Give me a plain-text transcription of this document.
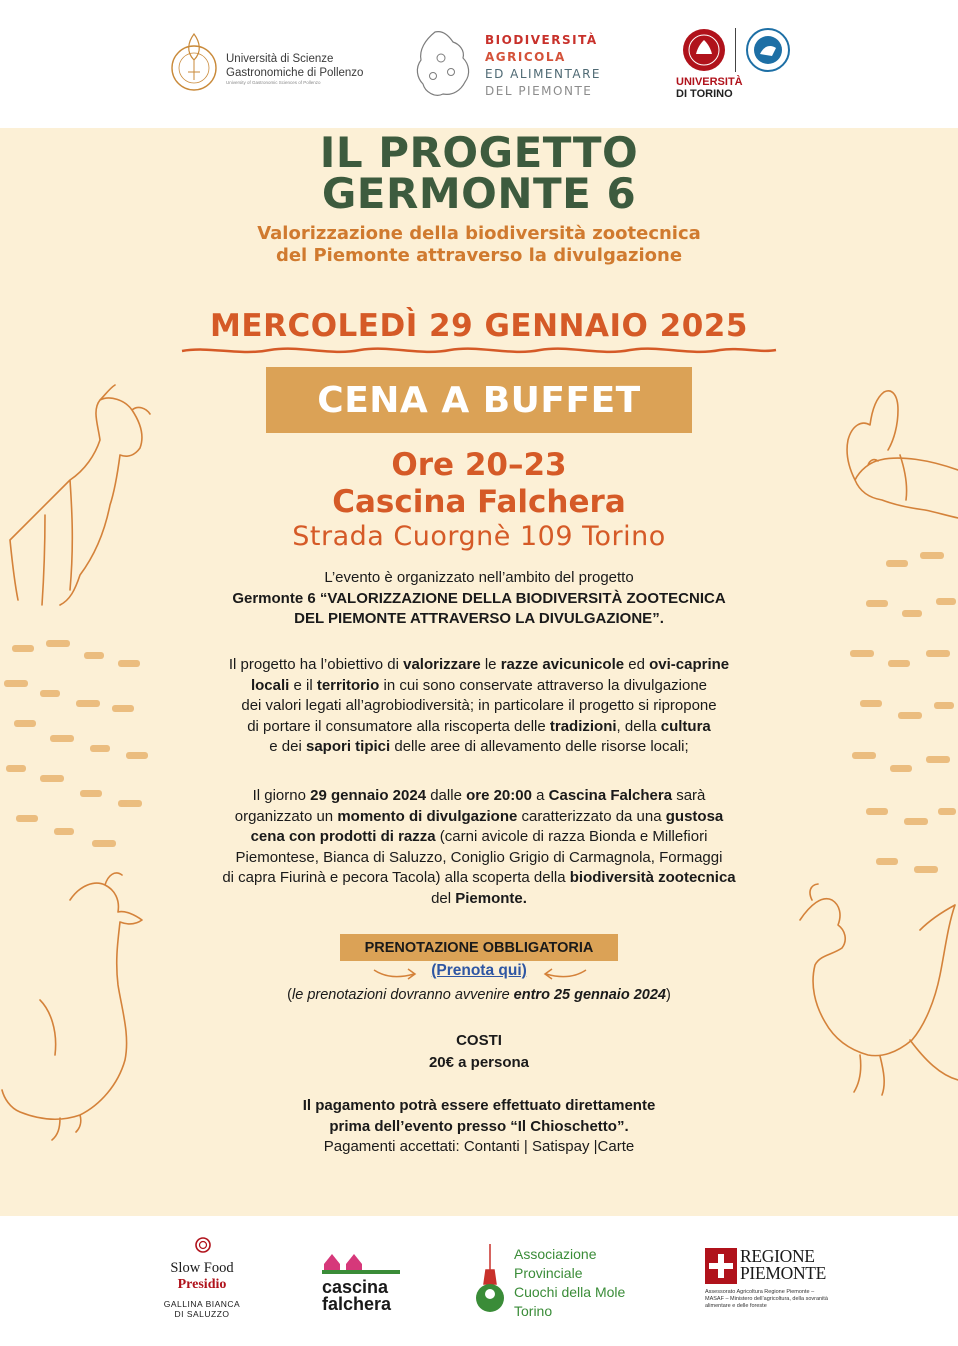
Università di Scienze
Gastronomiche di Pollenzo
University of Gastronomic Sciences of Pollenzo
BIODIVERSITÀ
AGRICOLA
ED ALIMENTARE
DEL PIEMONTE
UNIVERSITÀ
DI TORINO
IL PROGETTO
GERMONTE 6
Valorizzazione della biodiversità zootecnica
del Piemonte attraverso la divulgazione
MERCOLEDÌ 29 GENNAIO 2025
CENA A BUFFET
Ore 20–23
Cascina Falchera
Strada Cuorgnè 109 Torino
L’evento è organizzato nell’ambito del progetto
Germonte 6 “VALORIZZAZIONE DELLA BIODIVERSITÀ ZOOTECNICA
DEL PIEMONTE ATTRAVERSO LA DIVULGAZIONE”.
Il progetto ha l’obiettivo di valorizzare le razze avicunicole ed ovi-caprine
locali e il territorio in cui sono conservate attraverso la divulgazione
dei valori legati all’agrobiodiversità; in particolare il progetto si ripropone
di portare il consumatore alla riscoperta delle tradizioni, della cultura
e dei sapori tipici delle aree di allevamento delle risorse locali;
Il giorno 29 gennaio 2024 dalle ore 20:00 a Cascina Falchera sarà
organizzato un momento di divulgazione caratterizzato da una gustosa
cena con prodotti di razza (carni avicole di razza Bionda e Millefiori
Piemontese, Bianca di Saluzzo, Coniglio Grigio di Carmagnola, Formaggi
di capra Fiurinà e pecora Tacola) alla scoperta della biodiversità zootecnica
del Piemonte.
PRENOTAZIONE OBBLIGATORIA
(Prenota qui)
(le prenotazioni dovranno avvenire entro 25 gennaio 2024)
COSTI
20€ a persona
Il pagamento potrà essere effettuato direttamente
prima dell’evento presso “Il Chioschetto”.
Pagamenti accettati: Contanti | Satispay |Carte
Slow Food
Presidio
GALLINA BIANCA
DI SALUZZO
cascina
falchera
Associazione
Provinciale
Cuochi della Mole
Torino
REGIONE
PIEMONTE
Assessorato Agricoltura Regione Piemonte – MASAF – Ministero dell’agricoltura, della sovranità alimentare e delle foreste
